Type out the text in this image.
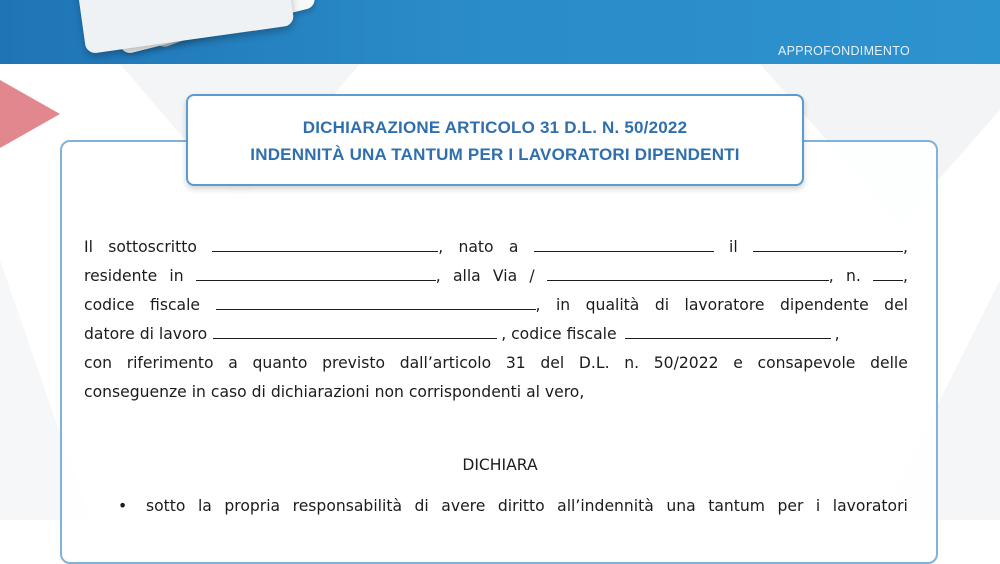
APPROFONDIMENTO
DICHIARAZIONE ARTICOLO 31 D.L. N. 50/2022
INDENNITÀ UNA TANTUM PER I LAVORATORI DIPENDENTI
Il sottoscritto	, nato a	il	,
residente in	, alla Via /	, n.	,
codice fiscale	, in qualità di lavoratore dipendente del
datore di lavoro	, codice fiscale	,
con riferimento a quanto previsto dall’articolo 31 del D.L. n. 50/2022 e consapevole delle
conseguenze in caso di dichiarazioni non corrispondenti al vero,
DICHIARA
•	sotto la propria responsabilità di avere diritto all’indennità una tantum per i lavoratori
